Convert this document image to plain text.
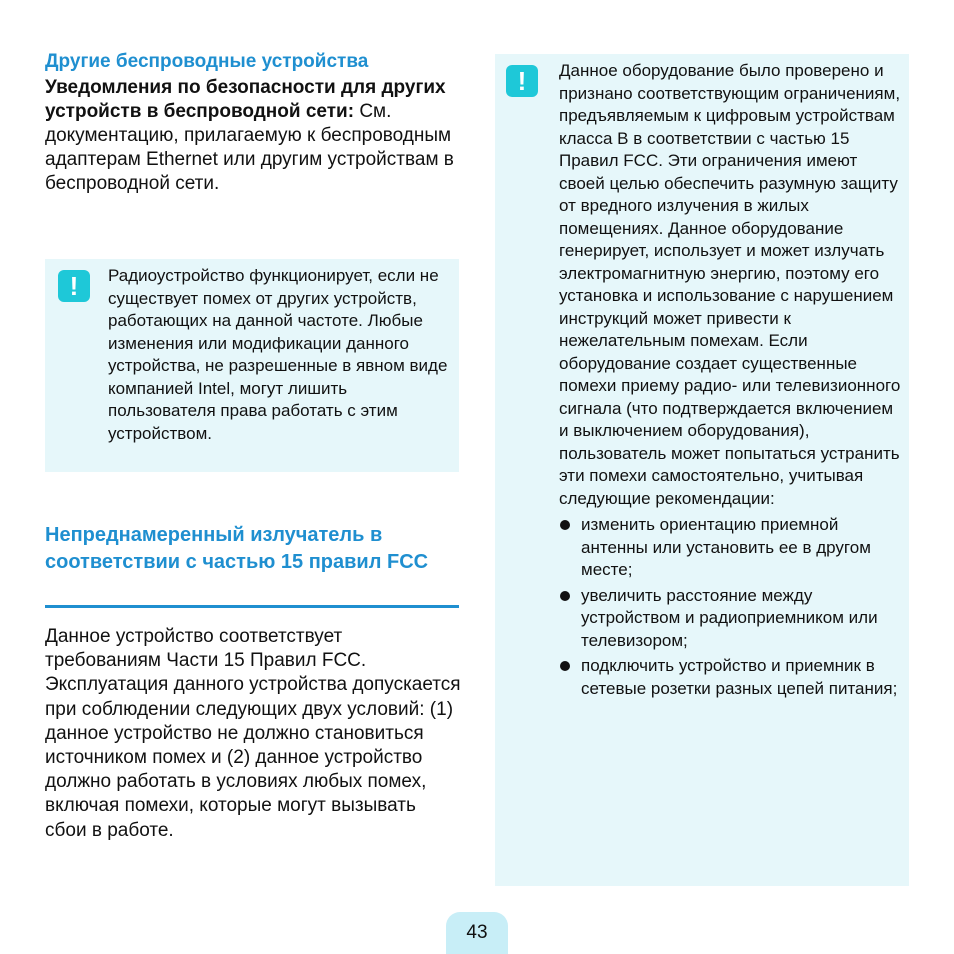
Другие беспроводные устройства

Уведомления по безопасности для других устройств в беспроводной сети: См. документацию, прилагаемую к беспроводным адаптерам Ethernet или другим устройствам в беспроводной сети.

!	Радиоустройство функционирует, если не существует помех от других устройств, работающих на данной частоте. Любые изменения или модификации данного устройства, не разрешенные в явном виде компанией Intel, могут лишить пользователя права работать с этим устройством.
Непреднамеренный излучатель в соответствии с частью 15 правил FCC
Данное устройство соответствует требованиям Части 15 Правил FCC. Эксплуатация данного устройства допускается при соблюдении следующих двух условий: (1) данное устройство не должно становиться источником помех и (2) данное устройство должно работать в условиях любых помех, включая помехи, которые могут вызывать сбои в работе.
!	Данное оборудование было проверено и признано соответствующим ограничениям, предъявляемым к цифровым устройствам класса B в соответствии с частью 15 Правил FCC. Эти ограничения имеют своей целью обеспечить разумную защиту от вредного излучения в жилых помещениях. Данное оборудование генерирует, использует и может излучать электромагнитную энергию, поэтому его установка и использование с нарушением инструкций может привести к нежелательным помехам. Если оборудование создает существенные помехи приему радио- или телевизионного сигнала (что подтверждается включением и выключением оборудования), пользователь может попытаться устранить эти помехи самостоятельно, учитывая следующие рекомендации:
изменить ориентацию приемной антенны или установить ее в другом месте;
увеличить расстояние между устройством и радиоприемником или телевизором;
подключить устройство и приемник в сетевые розетки разных цепей питания;
43
